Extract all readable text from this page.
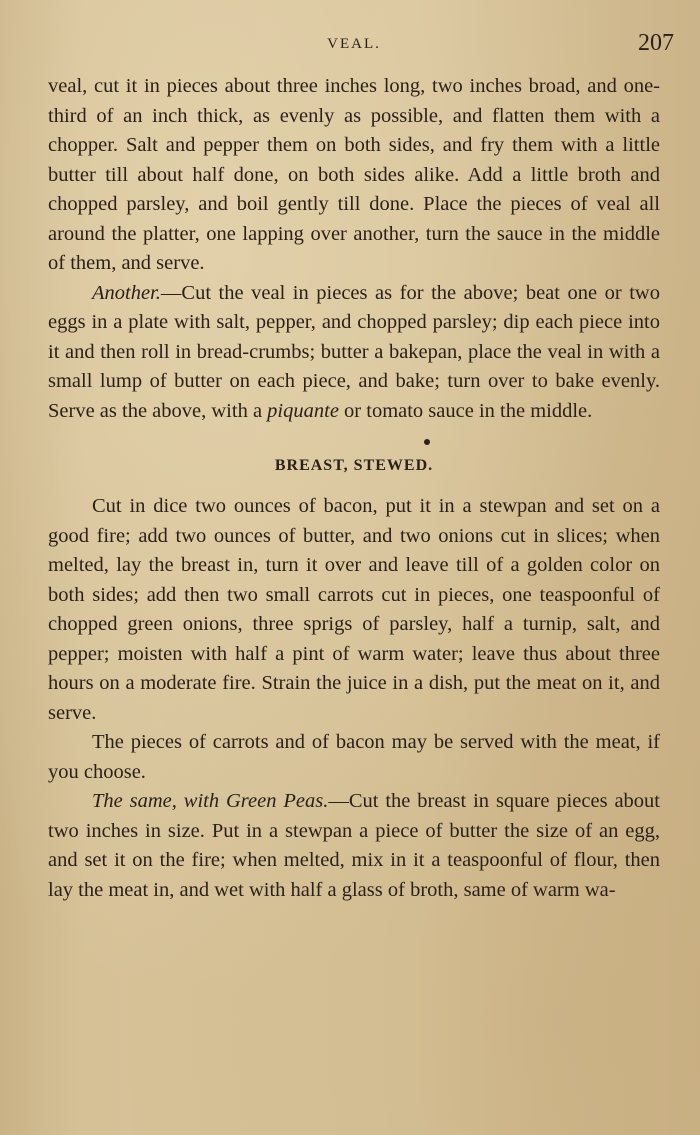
VEAL.	207

veal, cut it in pieces about three inches long, two inches broad, and one-third of an inch thick, as evenly as possible, and flatten them with a chopper. Salt and pepper them on both sides, and fry them with a little butter till about half done, on both sides alike. Add a little broth and chopped parsley, and boil gently till done. Place the pieces of veal all around the platter, one lapping over another, turn the sauce in the middle of them, and serve.

Another.—Cut the veal in pieces as for the above; beat one or two eggs in a plate with salt, pepper, and chopped parsley; dip each piece into it and then roll in bread-crumbs; butter a bakepan, place the veal in with a small lump of butter on each piece, and bake; turn over to bake evenly. Serve as the above, with a piquante or tomato sauce in the middle.

BREAST, STEWED.

Cut in dice two ounces of bacon, put it in a stewpan and set on a good fire; add two ounces of butter, and two onions cut in slices; when melted, lay the breast in, turn it over and leave till of a golden color on both sides; add then two small carrots cut in pieces, one teaspoonful of chopped green onions, three sprigs of parsley, half a turnip, salt, and pepper; moisten with half a pint of warm water; leave thus about three hours on a moderate fire. Strain the juice in a dish, put the meat on it, and serve.

The pieces of carrots and of bacon may be served with the meat, if you choose.

The same, with Green Peas.—Cut the breast in square pieces about two inches in size. Put in a stewpan a piece of butter the size of an egg, and set it on the fire; when melted, mix in it a teaspoonful of flour, then lay the meat in, and wet with half a glass of broth, same of warm wa-
